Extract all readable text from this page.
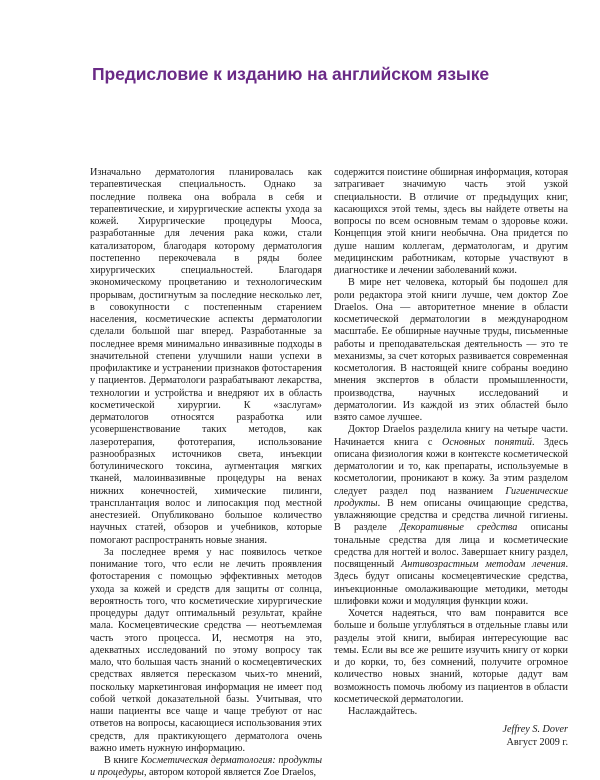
Предисловие к изданию на английском языке

Изначально дерматология планировалась как терапевтическая специальность. Однако за последние полвека она вобрала в себя и терапевтические, и хирургические аспекты ухода за кожей. Хирургические процедуры Мооса, разработанные для лечения рака кожи, стали катализатором, благодаря которому дерматология постепенно перекочевала в ряды более хирургических специальностей. Благодаря экономическому процветанию и технологическим прорывам, достигнутым за последние несколько лет, в совокупности с постепенным старением населения, косметические аспекты дерматологии сделали большой шаг вперед. Разработанные за последнее время минимально инвазивные подходы в значительной степени улучшили наши успехи в профилактике и устранении признаков фотостарения у пациентов. Дерматологи разрабатывают лекарства, технологии и устройства и внедряют их в область косметической хирургии. К «заслугам» дерматологов относятся разработка или усовершенствование таких методов, как лазеротерапия, фототерапия, использование разнообразных источников света, инъекции ботулинического токсина, аугментация мягких тканей, малоинвазивные процедуры на венах нижних конечностей, химические пилинги, трансплантация волос и липосакция под местной анестезией. Опубликовано большое количество научных статей, обзоров и учебников, которые помогают распространять новые знания.

За последнее время у нас появилось четкое понимание того, что если не лечить проявления фотостарения с помощью эффективных методов ухода за кожей и средств для защиты от солнца, вероятность того, что косметические хирургические процедуры дадут оптимальный результат, крайне мала. Космецевтические средства — неотъемлемая часть этого процесса. И, несмотря на это, адекватных исследований по этому вопросу так мало, что большая часть знаний о космецевтических средствах является пересказом чьих-то мнений, поскольку маркетинговая информация не имеет под собой четкой доказательной базы. Учитывая, что наши пациенты все чаще и чаще требуют от нас ответов на вопросы, касающиеся использования этих средств, для практикующего дерматолога очень важно иметь нужную информацию.

В книге Косметическая дерматология: продукты и процедуры, автором которой является Zoe Draelos,

содержится поистине обширная информация, которая затрагивает значимую часть этой узкой специальности. В отличие от предыдущих книг, касающихся этой темы, здесь вы найдете ответы на вопросы по всем основным темам о здоровье кожи. Концепция этой книги необычна. Она придется по душе нашим коллегам, дерматологам, и другим медицинским работникам, которые участвуют в диагностике и лечении заболеваний кожи.

В мире нет человека, который бы подошел для роли редактора этой книги лучше, чем доктор Zoe Draelos. Она — авторитетное мнение в области косметической дерматологии в международном масштабе. Ее обширные научные труды, письменные работы и преподавательская деятельность — это те механизмы, за счет которых развивается современная косметология. В настоящей книге собраны воедино мнения экспертов в области промышленности, производства, научных исследований и дерматологии. Из каждой из этих областей было взято самое лучшее.

Доктор Draelos разделила книгу на четыре части. Начинается книга с Основных понятий. Здесь описана физиология кожи в контексте косметической дерматологии и то, как препараты, используемые в косметологии, проникают в кожу. За этим разделом следует раздел под названием Гигиенические продукты. В нем описаны очищающие средства, увлажняющие средства и средства личной гигиены. В разделе Декоративные средства описаны тональные средства для лица и косметические средства для ногтей и волос. Завершает книгу раздел, посвященный Антивозрастным методам лечения. Здесь будут описаны космецевтические средства, инъекционные омолаживающие методики, методы шлифовки кожи и модуляция функции кожи.

Хочется надеяться, что вам понравится все больше и больше углубляться в отдельные главы или разделы этой книги, выбирая интересующие вас темы. Если вы все же решите изучить книгу от корки и до корки, то, без сомнений, получите огромное количество новых знаний, которые дадут вам возможность помочь любому из пациентов в области косметической дерматологии.

Наслаждайтесь.

Jeffrey S. Dover
Август 2009 г.
